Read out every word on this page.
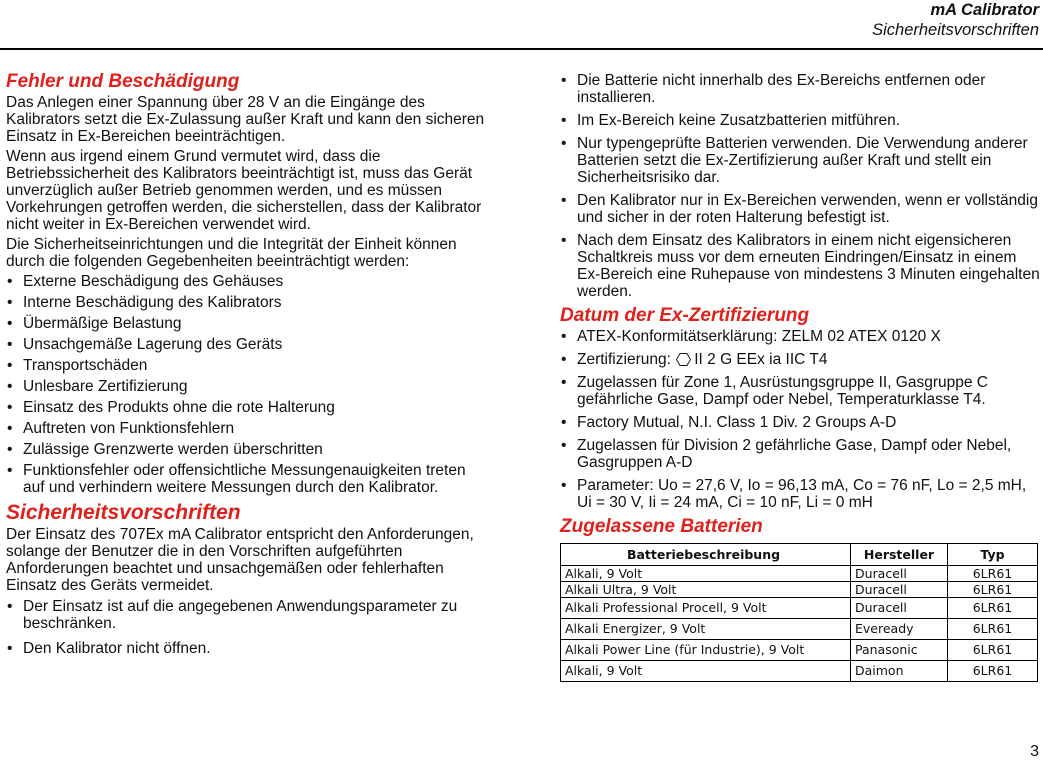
mA Calibrator
Sicherheitsvorschriften
Fehler und Beschädigung

Das Anlegen einer Spannung über 28 V an die Eingänge des Kalibrators setzt die Ex-Zulassung außer Kraft und kann den sicheren Einsatz in Ex-Bereichen beeinträchtigen.

Wenn aus irgend einem Grund vermutet wird, dass die Betriebssicherheit des Kalibrators beeinträchtigt ist, muss das Gerät unverzüglich außer Betrieb genommen werden, und es müssen Vorkehrungen getroffen werden, die sicherstellen, dass der Kalibrator nicht weiter in Ex-Bereichen verwendet wird.

Die Sicherheitseinrichtungen und die Integrität der Einheit können durch die folgenden Gegebenheiten beeinträchtigt werden:

• Externe Beschädigung des Gehäuses
• Interne Beschädigung des Kalibrators
• Übermäßige Belastung
• Unsachgemäße Lagerung des Geräts
• Transportschäden
• Unlesbare Zertifizierung
• Einsatz des Produkts ohne die rote Halterung
• Auftreten von Funktionsfehlern
• Zulässige Grenzwerte werden überschritten
• Funktionsfehler oder offensichtliche Messungenauigkeiten treten auf und verhindern weitere Messungen durch den Kalibrator.
Sicherheitsvorschriften

Der Einsatz des 707Ex mA Calibrator entspricht den Anforderungen, solange der Benutzer die in den Vorschriften aufgeführten Anforderungen beachtet und unsachgemäßen oder fehlerhaften Einsatz des Geräts vermeidet.

• Der Einsatz ist auf die angegebenen Anwendungsparameter zu beschränken.
• Den Kalibrator nicht öffnen.
• Die Batterie nicht innerhalb des Ex-Bereichs entfernen oder installieren.
• Im Ex-Bereich keine Zusatzbatterien mitführen.
• Nur typengeprüfte Batterien verwenden. Die Verwendung anderer Batterien setzt die Ex-Zertifizierung außer Kraft und stellt ein Sicherheitsrisiko dar.
• Den Kalibrator nur in Ex-Bereichen verwenden, wenn er vollständig und sicher in der roten Halterung befestigt ist.
• Nach dem Einsatz des Kalibrators in einem nicht eigensicheren Schaltkreis muss vor dem erneuten Eindringen/Einsatz in einem Ex-Bereich eine Ruhepause von mindestens 3 Minuten eingehalten werden.
Datum der Ex-Zertifizierung
• ATEX-Konformitätserklärung: ZELM 02 ATEX 0120 X
• Zertifizierung: II 2 G EEx ia IIC T4
• Zugelassen für Zone 1, Ausrüstungsgruppe II, Gasgruppe C gefährliche Gase, Dampf oder Nebel, Temperaturklasse T4.
• Factory Mutual, N.I. Class 1 Div. 2 Groups A-D
• Zugelassen für Division 2 gefährliche Gase, Dampf oder Nebel, Gasgruppen A-D
• Parameter: Uo = 27,6 V, Io = 96,13 mA, Co = 76 nF, Lo = 2,5 mH, Ui = 30 V, Ii = 24 mA, Ci = 10 nF, Li = 0 mH
Zugelassene Batterien
Batteriebeschreibung	Hersteller	Typ
Alkali, 9 Volt	Duracell	6LR61
Alkali Ultra, 9 Volt	Duracell	6LR61
Alkali Professional Procell, 9 Volt	Duracell	6LR61
Alkali Energizer, 9 Volt	Eveready	6LR61
Alkali Power Line (für Industrie), 9 Volt	Panasonic	6LR61
Alkali, 9 Volt	Daimon	6LR61
3
